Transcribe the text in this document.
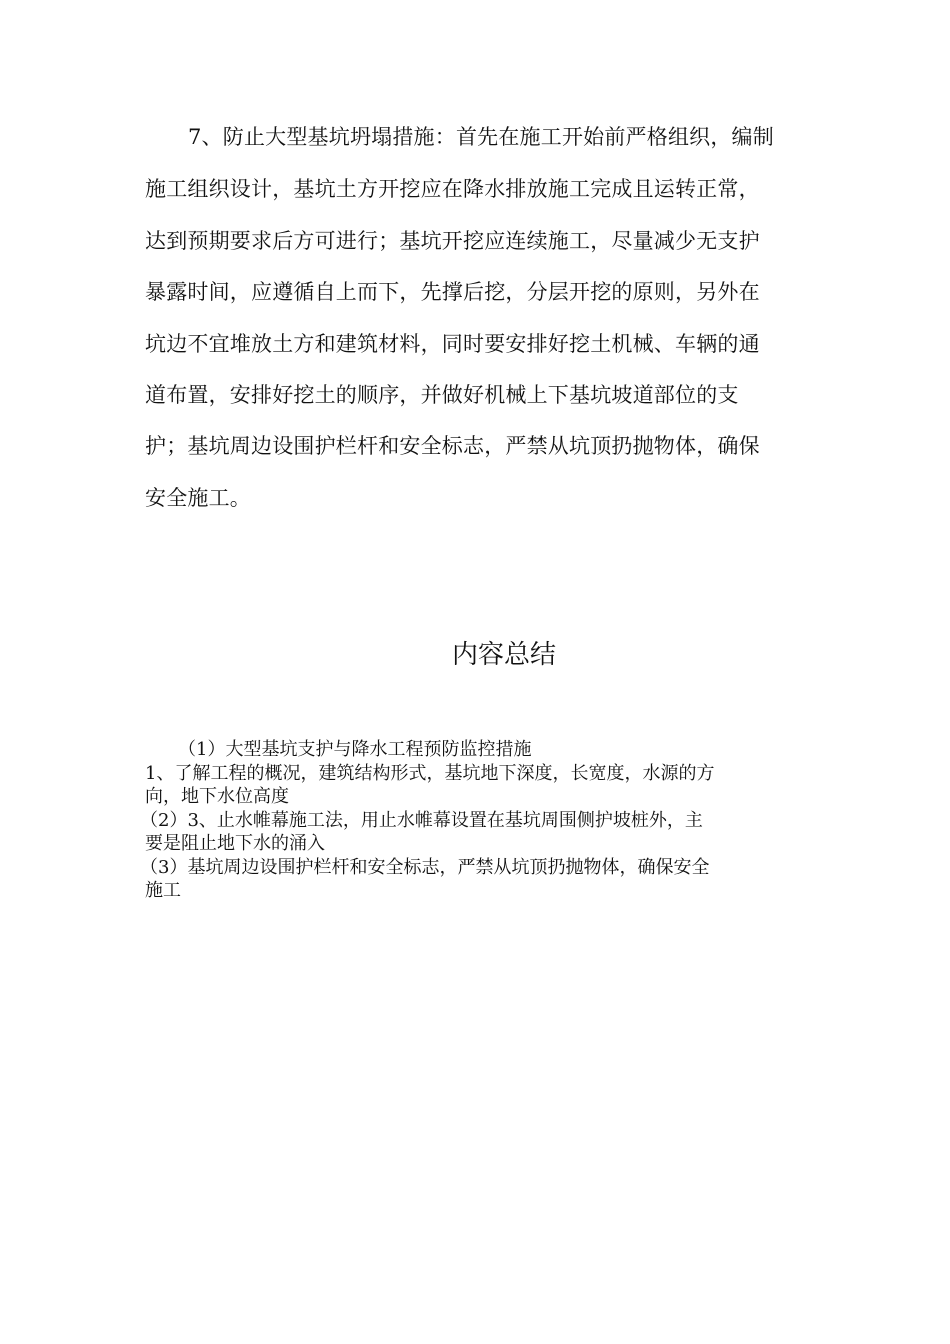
7、防止大型基坑坍塌措施：首先在施工开始前严格组织，编制
施工组织设计，基坑土方开挖应在降水排放施工完成且运转正常，
达到预期要求后方可进行；基坑开挖应连续施工，尽量减少无支护
暴露时间，应遵循自上而下，先撑后挖，分层开挖的原则，另外在
坑边不宜堆放土方和建筑材料，同时要安排好挖土机械、车辆的通
道布置，安排好挖土的顺序，并做好机械上下基坑坡道部位的支
护；基坑周边设围护栏杆和安全标志，严禁从坑顶扔抛物体，确保
安全施工。
内容总结
（1）大型基坑支护与降水工程预防监控措施
1、了解工程的概况，建筑结构形式，基坑地下深度，长宽度，水源的方
向，地下水位高度
（2）3、止水帷幕施工法，用止水帷幕设置在基坑周围侧护坡桩外，主
要是阻止地下水的涌入
（3）基坑周边设围护栏杆和安全标志，严禁从坑顶扔抛物体，确保安全
施工
